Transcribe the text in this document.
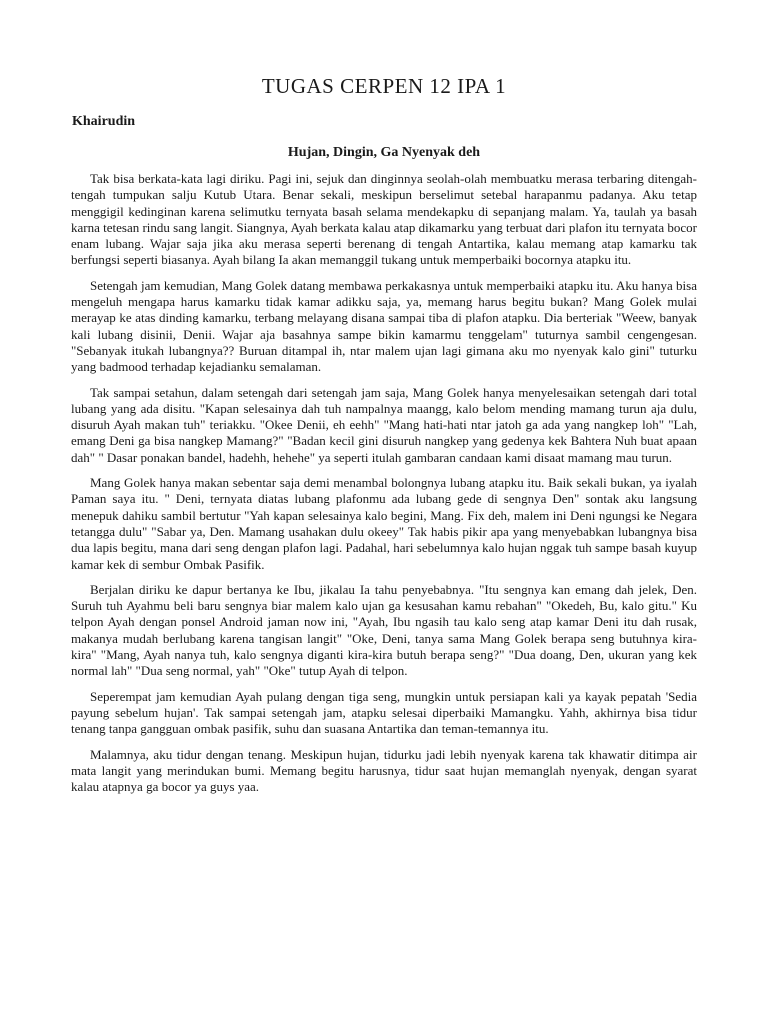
TUGAS CERPEN 12 IPA 1

Khairudin

Hujan, Dingin, Ga Nyenyak deh

Tak bisa berkata-kata lagi diriku. Pagi ini, sejuk dan dinginnya seolah-olah membuatku merasa terbaring ditengah-tengah tumpukan salju Kutub Utara. Benar sekali, meskipun berselimut setebal harapanmu padanya. Aku tetap menggigil kedinginan karena selimutku ternyata basah selama mendekapku di sepanjang malam. Ya, taulah ya basah karna tetesan rindu sang langit. Siangnya, Ayah berkata kalau atap dikamarku yang terbuat dari plafon itu ternyata bocor enam lubang. Wajar saja jika aku merasa seperti berenang di tengah Antartika, kalau memang atap kamarku tak berfungsi seperti biasanya. Ayah bilang Ia akan memanggil tukang untuk memperbaiki bocornya atapku itu.

Setengah jam kemudian, Mang Golek datang membawa perkakasnya untuk memperbaiki atapku itu. Aku hanya bisa mengeluh mengapa harus kamarku tidak kamar adikku saja, ya, memang harus begitu bukan? Mang Golek mulai merayap ke atas dinding kamarku, terbang melayang disana sampai tiba di plafon atapku. Dia berteriak "Weew, banyak kali lubang disinii, Denii. Wajar aja basahnya sampe bikin kamarmu tenggelam" tuturnya sambil cengengesan. "Sebanyak itukah lubangnya?? Buruan ditampal ih, ntar malem ujan lagi gimana aku mo nyenyak kalo gini" tuturku yang badmood terhadap kejadianku semalaman.

Tak sampai setahun, dalam setengah dari setengah jam saja, Mang Golek hanya menyelesaikan setengah dari total lubang yang ada disitu. "Kapan selesainya dah tuh nampalnya maangg, kalo belom mending mamang turun aja dulu, disuruh Ayah makan tuh" teriakku. "Okee Denii, eh eehh" "Mang hati-hati ntar jatoh ga ada yang nangkep loh" "Lah, emang Deni ga bisa nangkep Mamang?" "Badan kecil gini disuruh nangkep yang gedenya kek Bahtera Nuh buat apaan dah" " Dasar ponakan bandel, hadehh, hehehe" ya seperti itulah gambaran candaan kami disaat mamang mau turun.

Mang Golek hanya makan sebentar saja demi menambal bolongnya lubang atapku itu. Baik sekali bukan, ya iyalah Paman saya itu. " Deni, ternyata diatas lubang plafonmu ada lubang gede di sengnya Den" sontak aku langsung menepuk dahiku sambil bertutur "Yah kapan selesainya kalo begini, Mang. Fix deh, malem ini Deni ngungsi ke Negara tetangga dulu" "Sabar ya, Den. Mamang usahakan dulu okeey" Tak habis pikir apa yang menyebabkan lubangnya bisa dua lapis begitu, mana dari seng dengan plafon lagi. Padahal, hari sebelumnya kalo hujan nggak tuh sampe basah kuyup kamar kek di sembur Ombak Pasifik.

Berjalan diriku ke dapur bertanya ke Ibu, jikalau Ia tahu penyebabnya. "Itu sengnya kan emang dah jelek, Den. Suruh tuh Ayahmu beli baru sengnya biar malem kalo ujan ga kesusahan kamu rebahan" "Okedeh, Bu, kalo gitu." Ku telpon Ayah dengan ponsel Android jaman now ini, "Ayah, Ibu ngasih tau kalo seng atap kamar Deni itu dah rusak, makanya mudah berlubang karena tangisan langit" "Oke, Deni, tanya sama Mang Golek berapa seng butuhnya kira-kira" "Mang, Ayah nanya tuh, kalo sengnya diganti kira-kira butuh berapa seng?" "Dua doang, Den, ukuran yang kek normal lah" "Dua seng normal, yah" "Oke" tutup Ayah di telpon.

Seperempat jam kemudian Ayah pulang dengan tiga seng, mungkin untuk persiapan kali ya kayak pepatah 'Sedia payung sebelum hujan'. Tak sampai setengah jam, atapku selesai diperbaiki Mamangku. Yahh, akhirnya bisa tidur tenang tanpa gangguan ombak pasifik, suhu dan suasana Antartika dan teman-temannya itu.

Malamnya, aku tidur dengan tenang. Meskipun hujan, tidurku jadi lebih nyenyak karena tak khawatir ditimpa air mata langit yang merindukan bumi. Memang begitu harusnya, tidur saat hujan memanglah nyenyak, dengan syarat kalau atapnya ga bocor ya guys yaa.
